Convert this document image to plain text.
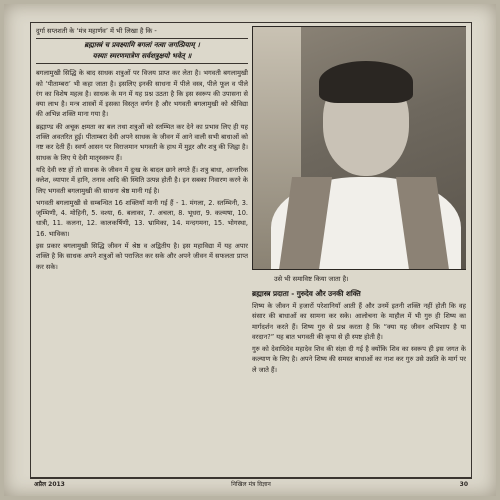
दुर्गा सप्तशती के ‘मंत्र महार्णव’ में भी लिखा है कि -

ब्रह्मास्त्रं च प्रवक्ष्यामि बगलां नत्वा जगत्प्रियाम् ।
यस्याः स्मरणमात्रेण सर्वशत्रुक्षयो भवेत् ॥

बगलामुखी सिद्धि के बाद साधक शत्रुओं पर विजय प्राप्त कर लेता है। भगवती बगलामुखी को ‘पीताम्बरा’ भी कहा जाता है। इसलिए इनकी साधना में पीले वस्त्र, पीले फूल व पीले रंग का विशेष महत्व है। साधक के मन में यह प्रश्न उठता है कि इस स्वरूप की उपासना से क्या लाभ है। मन्त्र शास्त्रों में इसका विस्तृत वर्णन है और भगवती बगलामुखी को श्रीविद्या की अभिन्न शक्ति माना गया है।

ब्रह्माण्ड की अचूक क्षमता का बल तथा शत्रुओं को स्तम्भित कर देने का प्रभाव लिए ही यह शक्ति अवतरित हुई। पीताम्बरा देवी अपने साधक के जीवन में आने वाली सभी बाधाओं को नष्ट कर देती हैं। स्वर्ण आसन पर विराजमान भगवती के हाथ में मुद्गर और शत्रु की जिह्वा है। साधक के लिए ये देवी मातृस्वरूप हैं।

यदि देवी रुष्ट हों तो साधक के जीवन में दुःख के बादल छाने लगते हैं। शत्रु बाधा, आन्तरिक क्लेश, व्यापार में हानि, तनाव आदि की स्थिति उत्पन्न होती है। इन सबका निवारण करने के लिए भगवती बगलामुखी की साधना श्रेष्ठ मानी गई है।

भगवती बगलामुखी से सम्बन्धित 16 शक्तियाँ मानी गई हैं - 1. मंगला, 2. स्तम्भिनी, 3. जृम्भिणी, 4. मोहिनी, 5. वश्या, 6. बलाका, 7. अचला, 8. भूधरा, 9. कल्मषा, 10. धात्री, 11. कलना, 12. कालकर्षिणी, 13. भ्रामिका, 14. मन्दगमना, 15. भोगस्था, 16. भाविका।

इस प्रकार बगलामुखी सिद्धि जीवन में श्रेष्ठ व अद्वितीय है। इस महाविद्या में यह अपार शक्ति है कि साधक अपने शत्रुओं को पराजित कर सके और अपने जीवन में सफलता प्राप्त कर सके।

उसे भी समाविष्ट किया जाता है।
ब्रह्मास्त्र प्रदाता - गुरुदेव और उनकी शक्ति

शिष्य के जीवन में हजारों परेशानियाँ आती हैं और उनमें इतनी शक्ति नहीं होती कि वह संसार की बाधाओं का सामना कर सके। आलोचना के माहौल में भी गुरु ही शिष्य का मार्गदर्शन करते हैं। शिष्य गुरु से प्रश्न करता है कि “क्या यह जीवन अभिशाप है या वरदान?” यह बात भगवती की कृपा से ही स्पष्ट होती है।

गुरु को देवाधिदेव महादेव शिव की संज्ञा दी गई है क्योंकि शिव का स्वरूप ही इस जगत के कल्याण के लिए है। अपने शिष्य की समस्त बाधाओं का नाश कर गुरु उसे उन्नति के मार्ग पर ले जाते हैं।

अप्रैल 2013	निखिल मंत्र विज्ञान	30
